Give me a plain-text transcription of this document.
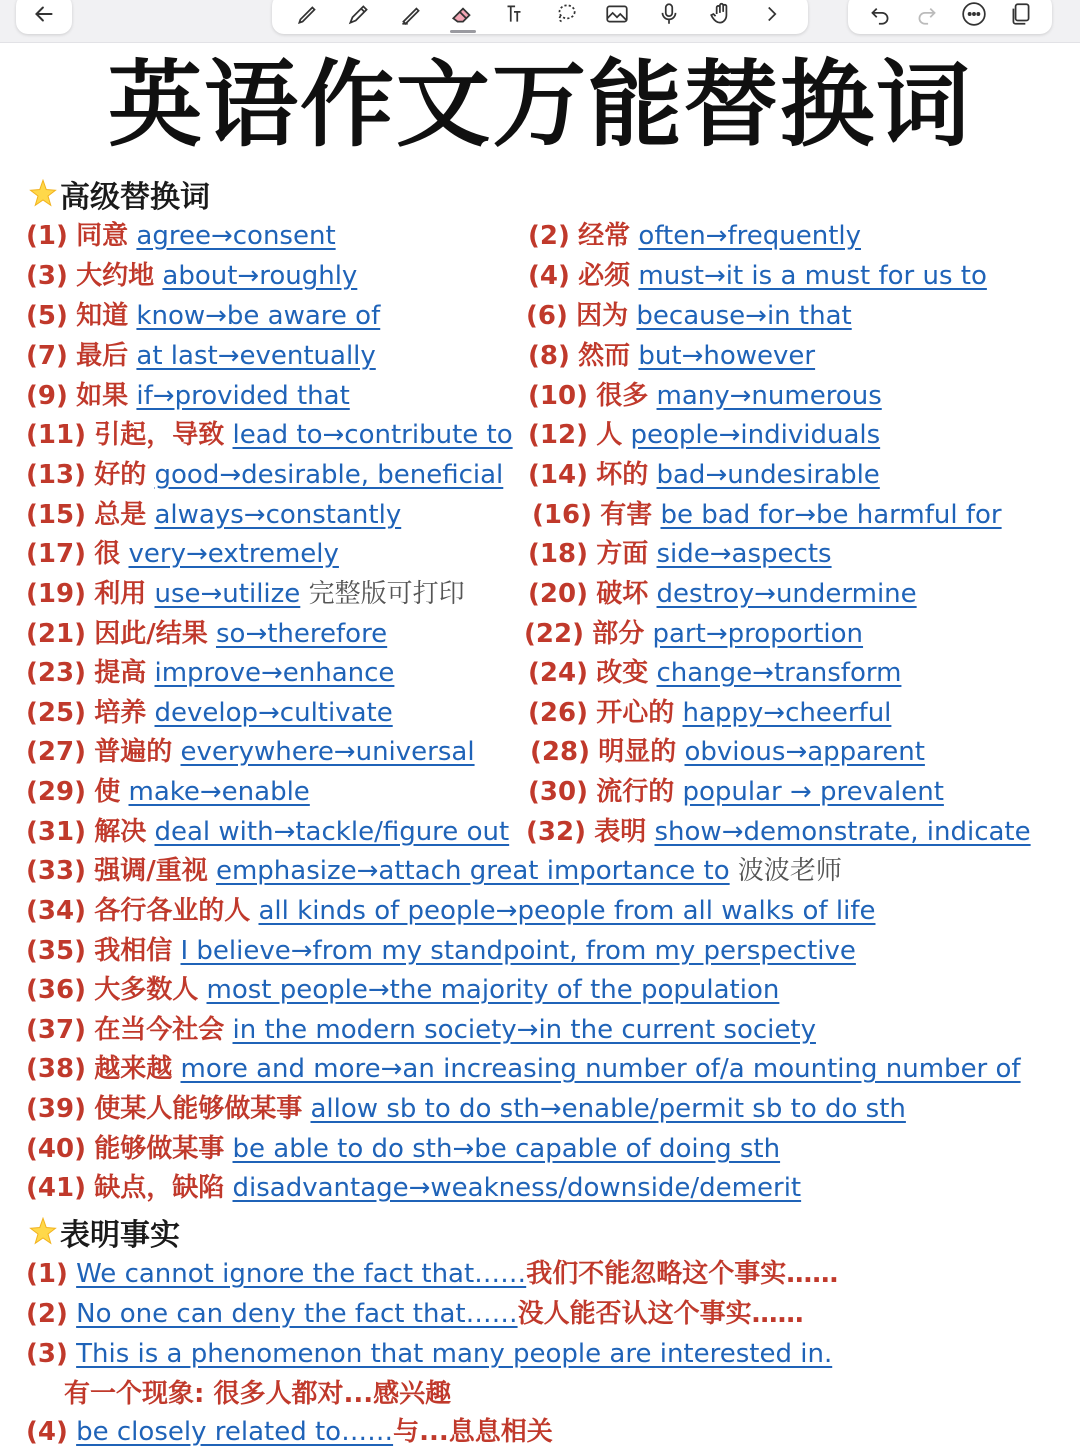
英语作文万能替换词
高级替换词
(1) 同意 agree→consent	(2) 经常 often→frequently
(3) 大约地 about→roughly	(4) 必须 must→it is a must for us to
(5) 知道 know→be aware of	(6) 因为 because→in that
(7) 最后 at last→eventually	(8) 然而 but→however
(9) 如果 if→provided that	(10) 很多 many→numerous
(11) 引起，导致 lead to→contribute to (12) 人 people→individuals
(13) 好的 good→desirable, beneficial (14) 坏的 bad→undesirable
(15) 总是 always→constantly	(16) 有害 be bad for→be harmful for
(17) 很 very→extremely	(18) 方面 side→aspects
(19) 利用 use→utilize 完整版可打印 (20) 破坏 destroy→undermine
(21) 因此/结果 so→therefore	(22) 部分 part→proportion
(23) 提高 improve→enhance	(24) 改变 change→transform
(25) 培养 develop→cultivate	(26) 开心的 happy→cheerful
(27) 普遍的 everywhere→universal (28) 明显的 obvious→apparent
(29) 使 make→enable	(30) 流行的 popular → prevalent
(31) 解决 deal with→tackle/figure out (32) 表明 show→demonstrate, indicate
(33) 强调/重视 emphasize→attach great importance to 波波老师
(34) 各行各业的人 all kinds of people→people from all walks of life
(35) 我相信 I believe→from my standpoint, from my perspective
(36) 大多数人 most people→the majority of the population
(37) 在当今社会 in the modern society→in the current society
(38) 越来越 more and more→an increasing number of/a mounting number of
(39) 使某人能够做某事 allow sb to do sth→enable/permit sb to do sth
(40) 能够做某事 be able to do sth→be capable of doing sth
(41) 缺点，缺陷 disadvantage→weakness/downside/demerit
表明事实
(1) We cannot ignore the fact that……我们不能忽略这个事实……
(2) No one can deny the fact that……没人能否认这个事实……
(3) This is a phenomenon that many people are interested in.
有一个现象: 很多人都对...感兴趣
(4) be closely related to……与...息息相关
